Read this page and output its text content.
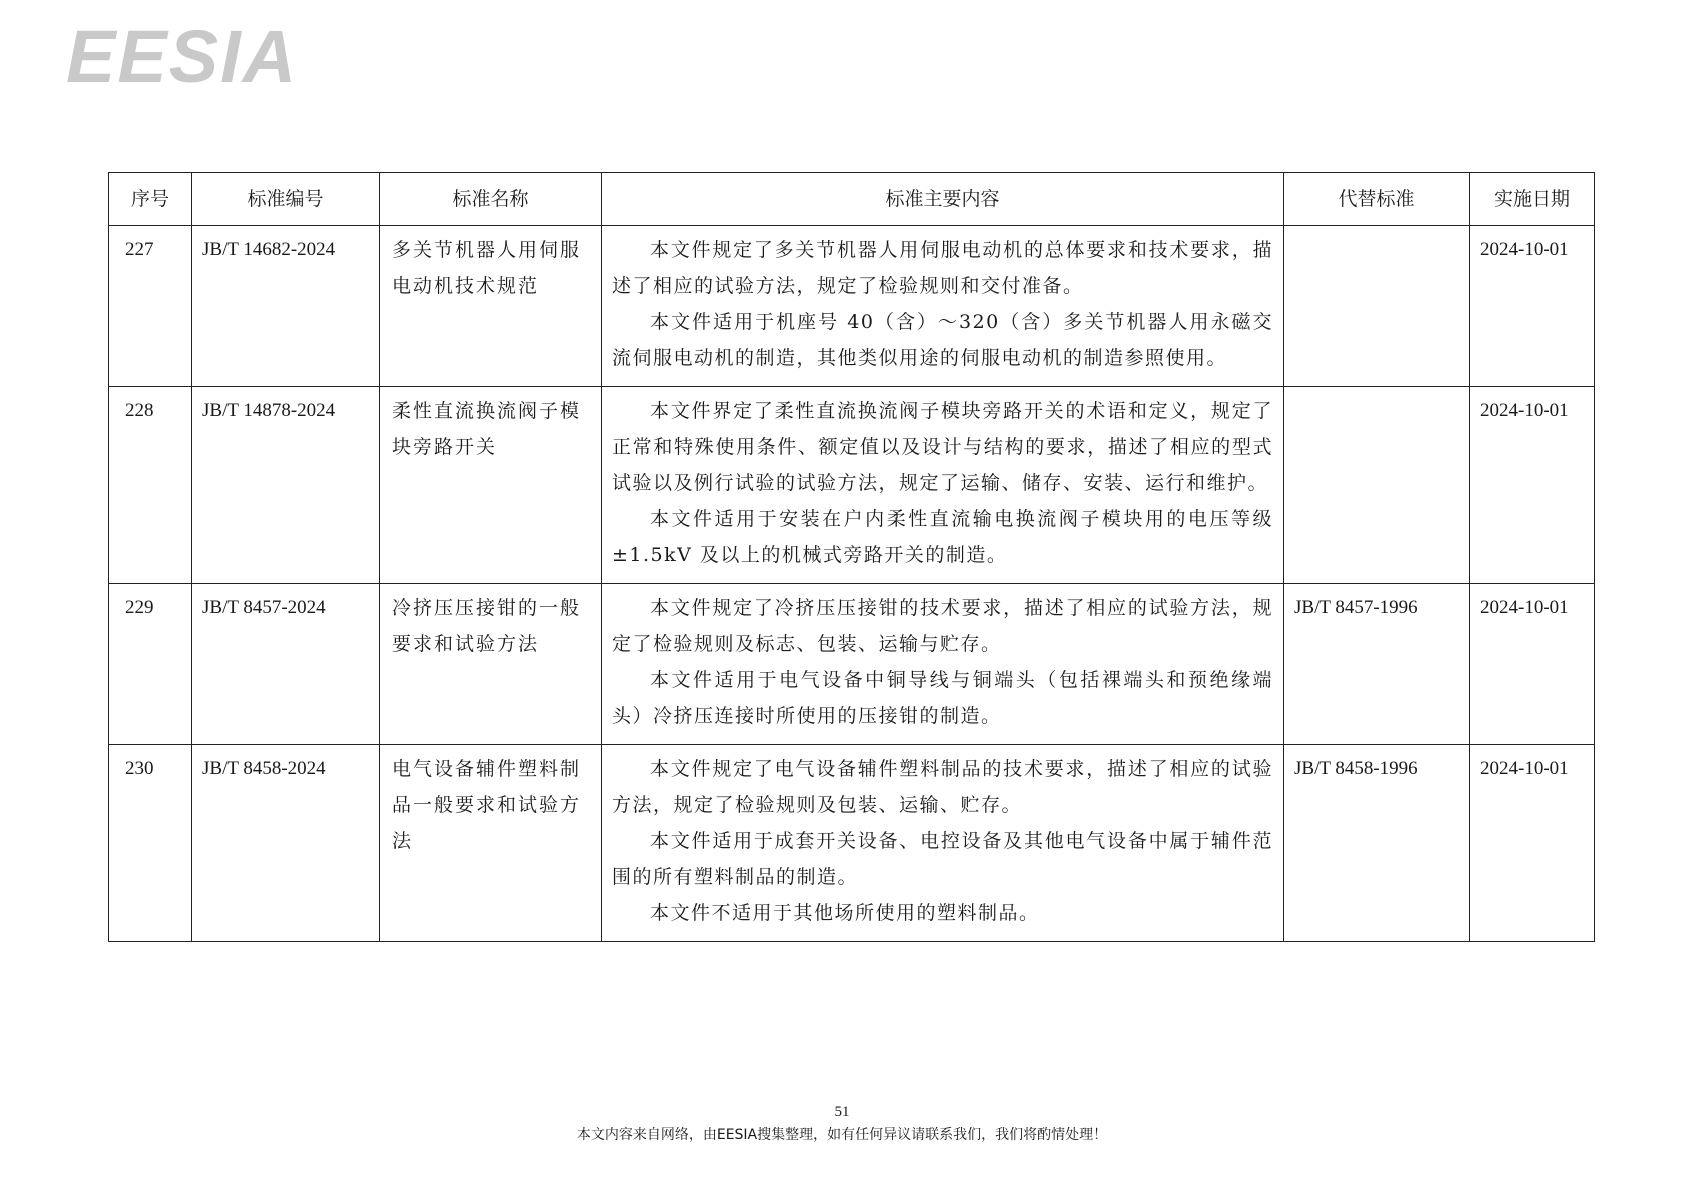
EESIA
序号	标准编号	标准名称	标准主要内容	代替标准	实施日期
227	JB/T 14682-2024	多关节机器人用伺服电动机技术规范	本文件规定了多关节机器人用伺服电动机的总体要求和技术要求，描述了相应的试验方法，规定了检验规则和交付准备。

本文件适用于机座号 40（含）～320（含）多关节机器人用永磁交流伺服电动机的制造，其他类似用途的伺服电动机的制造参照使用。		2024-10-01
228	JB/T 14878-2024	柔性直流换流阀子模块旁路开关	本文件界定了柔性直流换流阀子模块旁路开关的术语和定义，规定了正常和特殊使用条件、额定值以及设计与结构的要求，描述了相应的型式试验以及例行试验的试验方法，规定了运输、储存、安装、运行和维护。

本文件适用于安装在户内柔性直流输电换流阀子模块用的电压等级±1.5kV 及以上的机械式旁路开关的制造。		2024-10-01
229	JB/T 8457-2024	冷挤压压接钳的一般要求和试验方法	本文件规定了冷挤压压接钳的技术要求，描述了相应的试验方法，规定了检验规则及标志、包装、运输与贮存。

本文件适用于电气设备中铜导线与铜端头（包括裸端头和预绝缘端头）冷挤压连接时所使用的压接钳的制造。	JB/T 8457-1996	2024-10-01
230	JB/T 8458-2024	电气设备辅件塑料制品一般要求和试验方法	本文件规定了电气设备辅件塑料制品的技术要求，描述了相应的试验方法，规定了检验规则及包装、运输、贮存。

本文件适用于成套开关设备、电控设备及其他电气设备中属于辅件范围的所有塑料制品的制造。

本文件不适用于其他场所使用的塑料制品。	JB/T 8458-1996	2024-10-01
51
本文内容来自网络，由EESIA搜集整理，如有任何异议请联系我们，我们将酌情处理！
